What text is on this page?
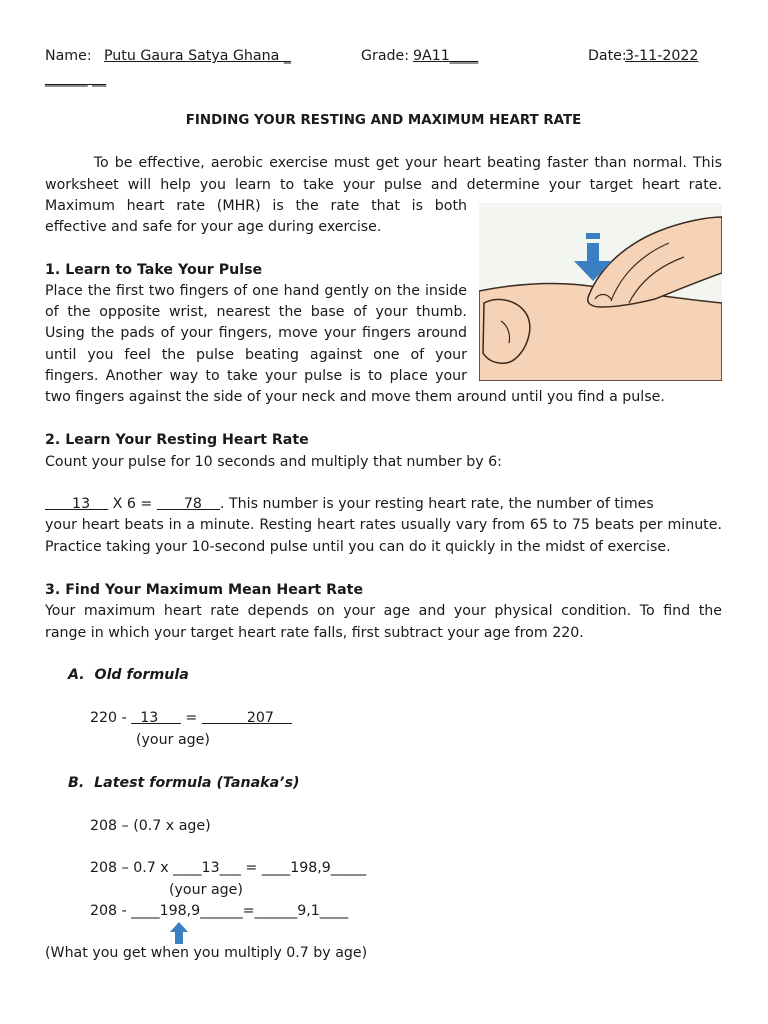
Name: Putu Gaura Satya Ghana _	Grade: 9A11____	Date:
3-11-2022
______ __
FINDING YOUR RESTING AND MAXIMUM HEART RATE
To be effective, aerobic exercise must get your heart beating faster than normal. This
worksheet will help you learn to take your pulse and determine your target heart rate.
Maximum heart rate (MHR) is the rate that is both
effective and safe for your age during exercise.
1. Learn to Take Your Pulse
Place the first two fingers of one hand gently on the inside
of the opposite wrist, nearest the base of your thumb.
Using the pads of your fingers, move your fingers around
until you feel the pulse beating against one of your
fingers. Another way to take your pulse is to place your
two fingers against the side of your neck and move them around until you find a pulse.
2. Learn Your Resting Heart Rate
Count your pulse for 10 seconds and multiply that number by 6:
13     X 6 =       78    . This number is your resting heart rate, the number of times
your heart beats in a minute. Resting heart rates usually vary from 65 to 75 beats per minute.
Practice taking your 10-second pulse until you can do it quickly in the midst of exercise.
3. Find Your Maximum Mean Heart Rate
Your maximum heart rate depends on your age and your physical condition. To find the
range in which your target heart rate falls, first subtract your age from 220.
A.  Old formula
220 -   13      =           207
(your age)
B.  Latest formula (Tanaka’s)
208 – (0.7 x age)
208 – 0.7 x ____13___ = ____198,9_____
(your age)
208 - ____198,9______=______9,1____
(What you get when you multiply 0.7 by age)
